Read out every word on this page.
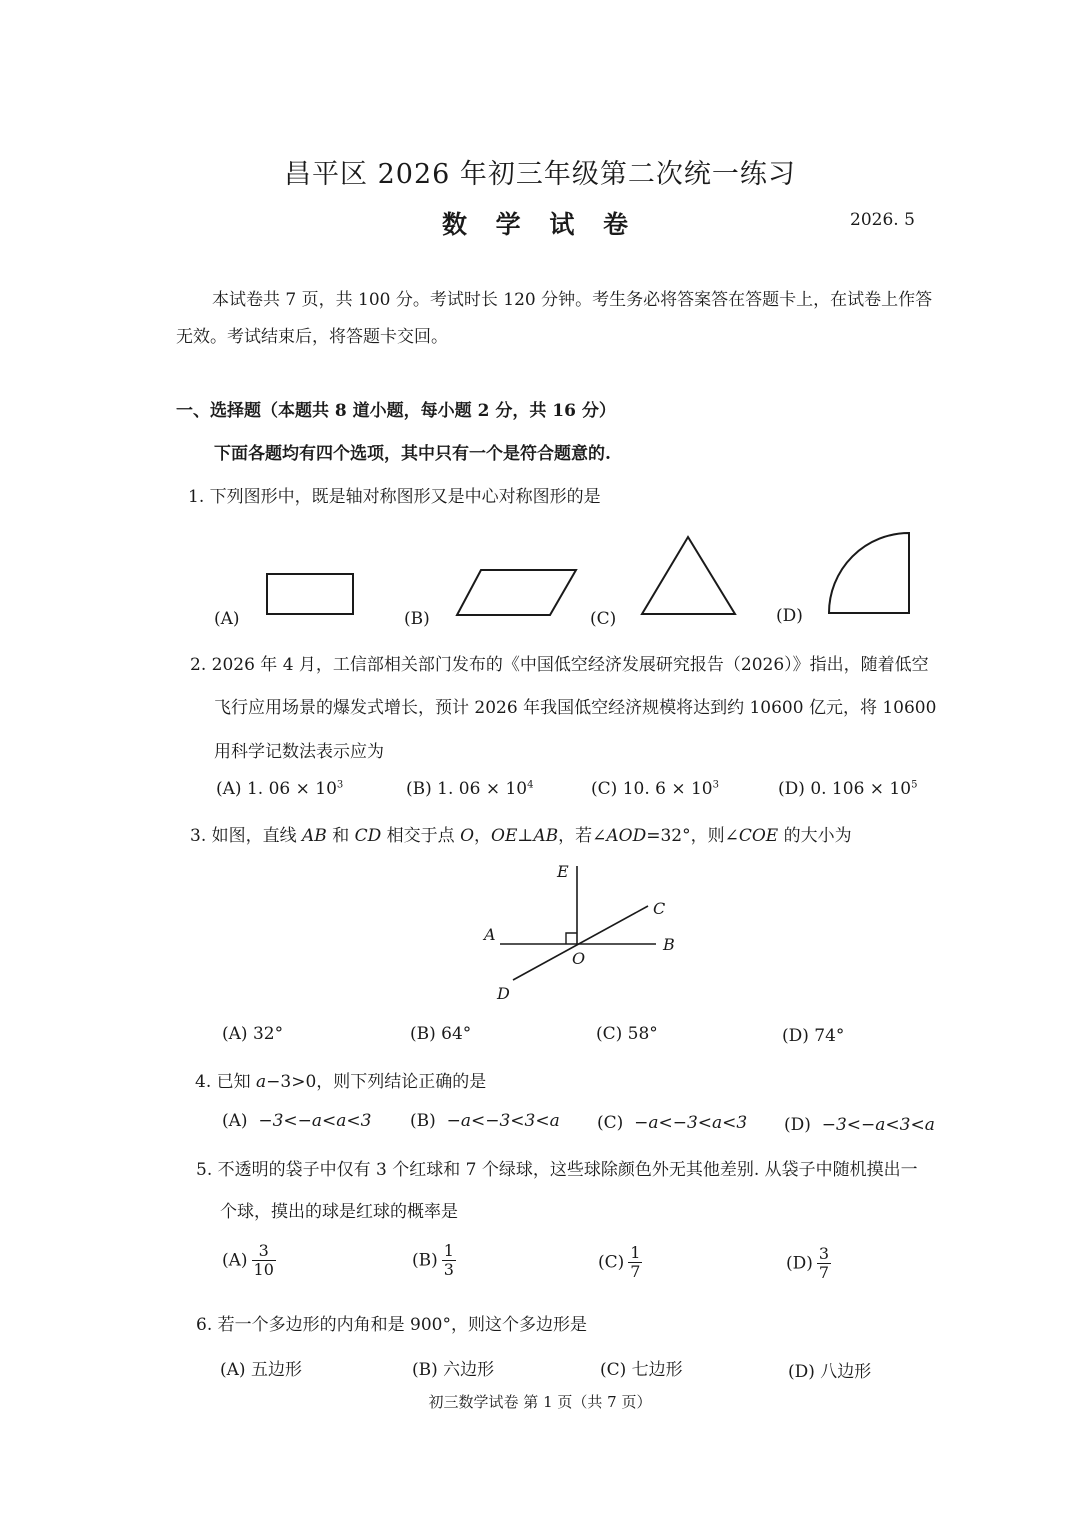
昌平区 2026 年初三年级第二次统一练习
数 学 试 卷	2026. 5
本试卷共 7 页，共 100 分。考试时长 120 分钟。考生务必将答案答在答题卡上，在试卷上作答
无效。考试结束后，将答题卡交回。
一、选择题（本题共 8 道小题，每小题 2 分，共 16 分）
下面各题均有四个选项，其中只有一个是符合题意的.
1. 下列图形中，既是轴对称图形又是中心对称图形的是
(A)	(B)	(C)	(D)
2. 2026 年 4 月，工信部相关部门发布的《中国低空经济发展研究报告（2026）》指出，随着低空
飞行应用场景的爆发式增长，预计 2026 年我国低空经济规模将达到约 10600 亿元，将 10600
用科学记数法表示应为
(A) 1. $06 \times 10^3$	(B) 1. $06 \times 10^4$	(C) 10. $6 \times 10^3$	(D) 0. $106 \times 10^5$
3. 如图，直线 AB 和 CD 相交于点 O，OE⊥AB，若∠AOD=32°，则∠COE 的大小为
E
C
A
B
O
D
(A) 32°	(B) 64°	(C) 58°	(D) 74°
4. 已知 a−3>0，则下列结论正确的是
(A) −3<−a<a<3 (B) −a<−3<3<a (C) −a<−3<a<3 (D) −3<−a<3<a
5. 不透明的袋子中仅有 3 个红球和 7 个绿球，这些球除颜色外无其他差别. 从袋子中随机摸出一
个球，摸出的球是红球的概率是
$(A) \frac{3}{10}$	$(B) \frac{1}{3}$	$(C) \frac{1}{7}$	$(D) \frac{3}{7}$
6. 若一个多边形的内角和是 900°，则这个多边形是
(A) 五边形	(B) 六边形	(C) 七边形	(D) 八边形
初三数学试卷 第 1 页（共 7 页）
